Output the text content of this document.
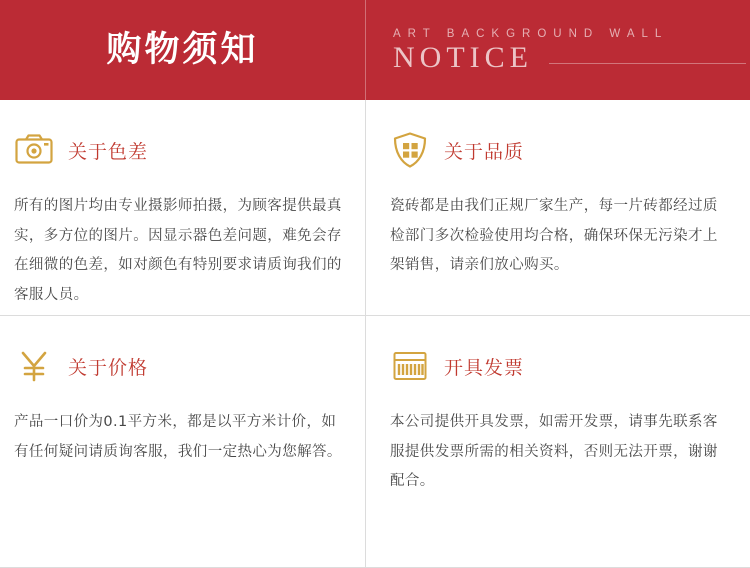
购物须知	ART BACKGROUND WALL
NOTICE
关于色差
所有的图片均由专业摄影师拍摄，为顾客提供最真实，多方位的图片。因显示器色差问题，难免会存在细微的色差，如对颜色有特别要求请质询我们的客服人员。
关于品质
瓷砖都是由我们正规厂家生产，每一片砖都经过质检部门多次检验使用均合格，确保环保无污染才上架销售，请亲们放心购买。
关于价格
产品一口价为0.1平方米，都是以平方米计价，如有任何疑问请质询客服，我们一定热心为您解答。
开具发票
本公司提供开具发票，如需开发票，请事先联系客服提供发票所需的相关资料，否则无法开票，谢谢配合。
